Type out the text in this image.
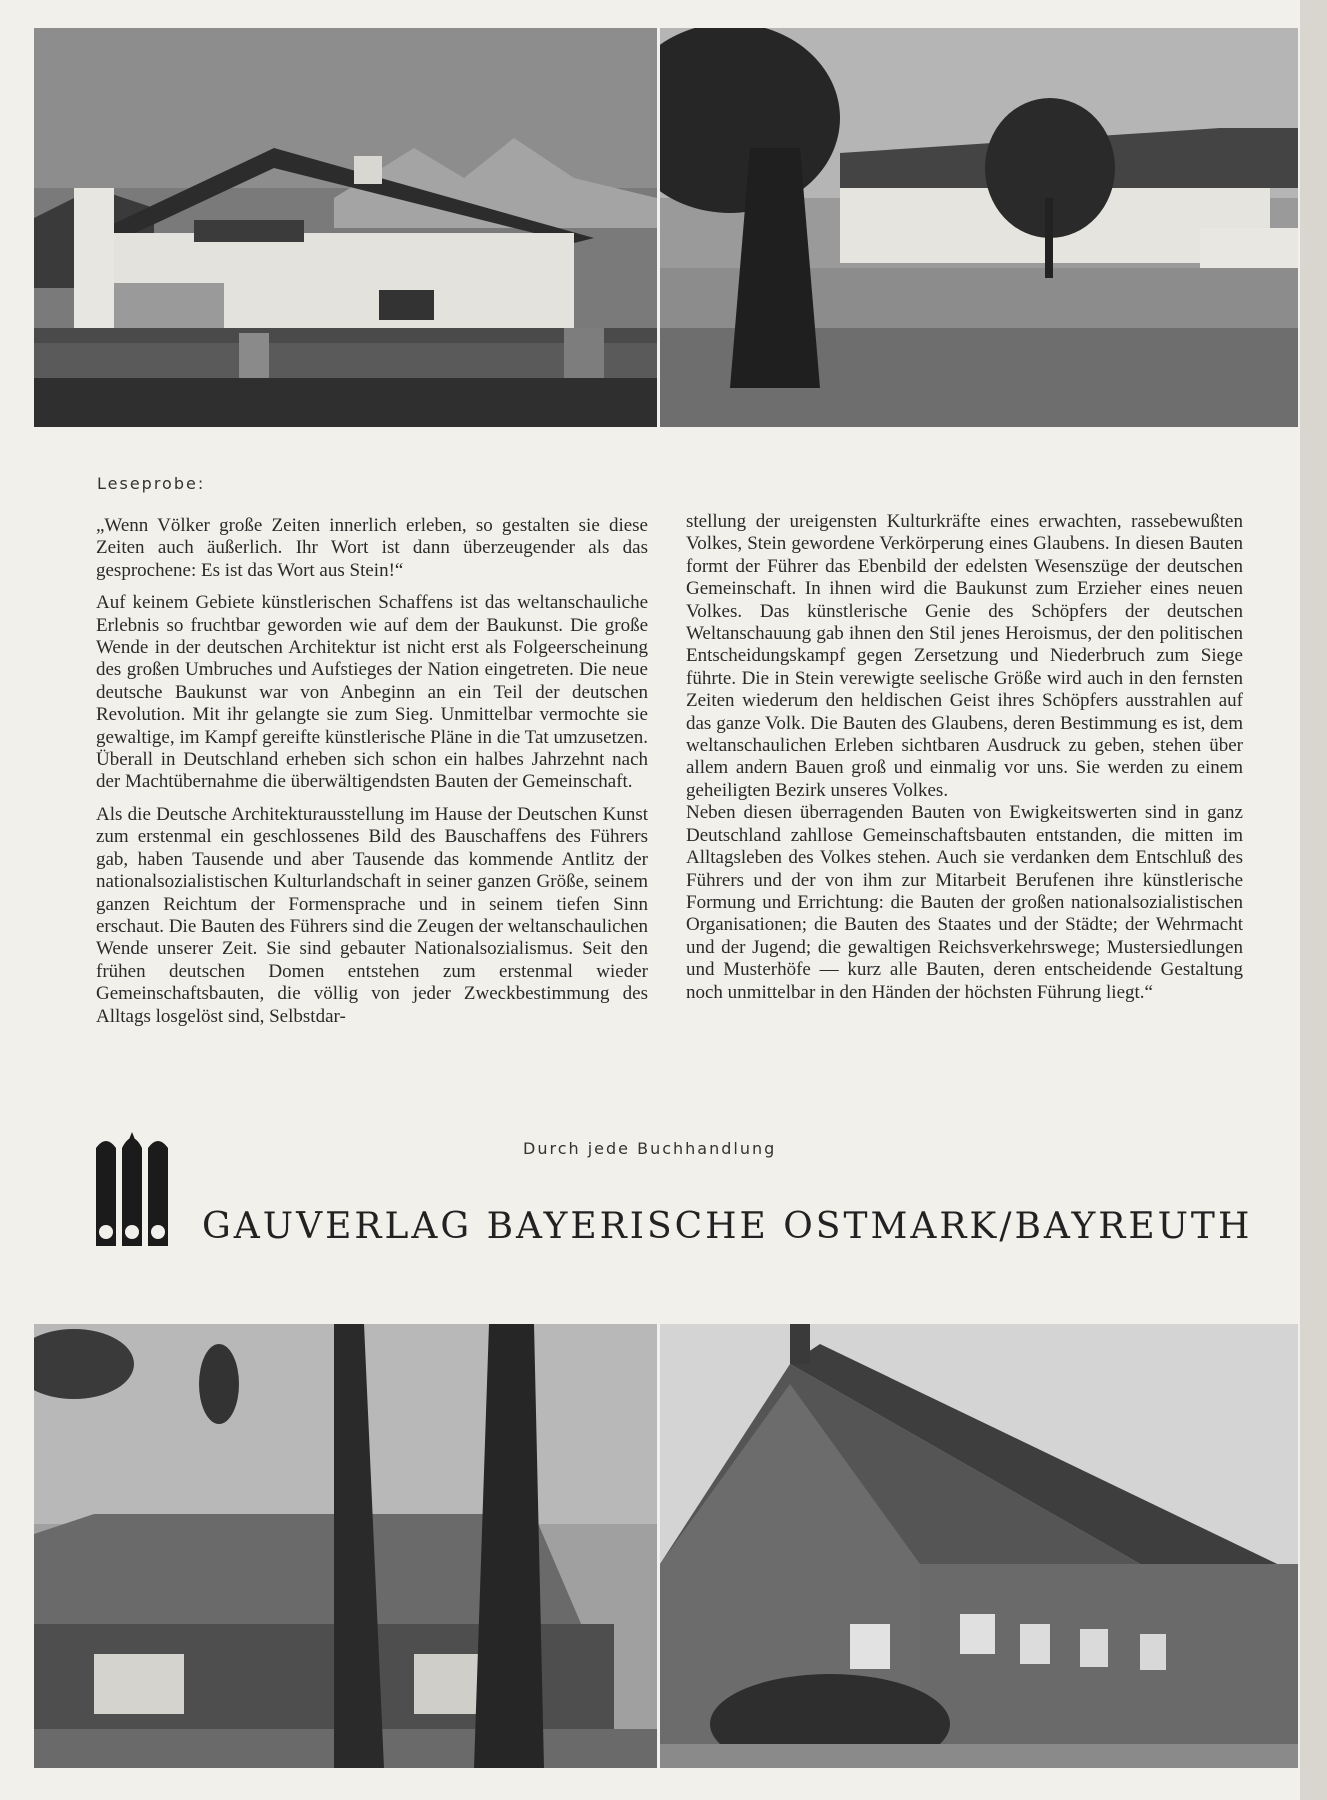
Leseprobe:

„Wenn Völker große Zeiten innerlich erleben, so gestalten sie diese Zeiten auch äußerlich. Ihr Wort ist dann überzeugender als das gesprochene: Es ist das Wort aus Stein!“

Auf keinem Gebiete künstlerischen Schaffens ist das weltanschauliche Erlebnis so fruchtbar geworden wie auf dem der Baukunst. Die große Wende in der deutschen Architektur ist nicht erst als Folgeerscheinung des großen Umbruches und Aufstieges der Nation eingetreten. Die neue deutsche Baukunst war von Anbeginn an ein Teil der deutschen Revolution. Mit ihr gelangte sie zum Sieg. Unmittelbar vermochte sie gewaltige, im Kampf gereifte künstlerische Pläne in die Tat umzusetzen. Überall in Deutschland erheben sich schon ein halbes Jahrzehnt nach der Machtübernahme die überwältigendsten Bauten der Gemeinschaft.

Als die Deutsche Architekturausstellung im Hause der Deutschen Kunst zum erstenmal ein geschlossenes Bild des Bauschaffens des Führers gab, haben Tausende und aber Tausende das kommende Antlitz der nationalsozialistischen Kulturlandschaft in seiner ganzen Größe, seinem ganzen Reichtum der Formensprache und in seinem tiefen Sinn erschaut. Die Bauten des Führers sind die Zeugen der weltanschaulichen Wende unserer Zeit. Sie sind gebauter Nationalsozialismus. Seit den frühen deutschen Domen entstehen zum erstenmal wieder Gemeinschaftsbauten, die völlig von jeder Zweckbestimmung des Alltags losgelöst sind, Selbstdar-

stellung der ureigensten Kulturkräfte eines erwachten, rassebewußten Volkes, Stein gewordene Verkörperung eines Glaubens. In diesen Bauten formt der Führer das Ebenbild der edelsten Wesenszüge der deutschen Gemeinschaft. In ihnen wird die Baukunst zum Erzieher eines neuen Volkes. Das künstlerische Genie des Schöpfers der deutschen Weltanschauung gab ihnen den Stil jenes Heroismus, der den politischen Entscheidungskampf gegen Zersetzung und Niederbruch zum Siege führte. Die in Stein verewigte seelische Größe wird auch in den fernsten Zeiten wiederum den heldischen Geist ihres Schöpfers ausstrahlen auf das ganze Volk. Die Bauten des Glaubens, deren Bestimmung es ist, dem weltanschaulichen Erleben sichtbaren Ausdruck zu geben, stehen über allem andern Bauen groß und einmalig vor uns. Sie werden zu einem geheiligten Bezirk unseres Volkes.

Neben diesen überragenden Bauten von Ewigkeitswerten sind in ganz Deutschland zahllose Gemeinschaftsbauten entstanden, die mitten im Alltagsleben des Volkes stehen. Auch sie verdanken dem Entschluß des Führers und der von ihm zur Mitarbeit Berufenen ihre künstlerische Formung und Errichtung: die Bauten der großen nationalsozialistischen Organisationen; die Bauten des Staates und der Städte; der Wehrmacht und der Jugend; die gewaltigen Reichsverkehrswege; Mustersiedlungen und Musterhöfe — kurz alle Bauten, deren entscheidende Gestaltung noch unmittelbar in den Händen der höchsten Führung liegt.“

Durch jede Buchhandlung
GAUVERLAG BAYERISCHE OSTMARK/BAYREUTH
